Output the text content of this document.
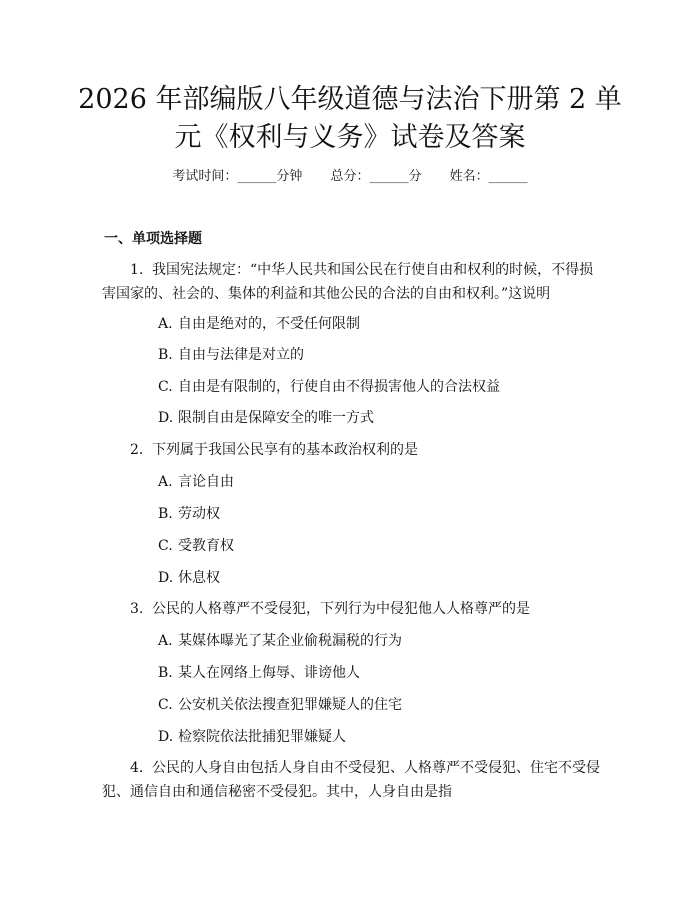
2026 年部编版八年级道德与法治下册第 2 单
元《权利与义务》试卷及答案
考试时间：______分钟 总分：______分 姓名：______
一、单项选择题
1. 我国宪法规定：“中华人民共和国公民在行使自由和权利的时候，不得损
害国家的、社会的、集体的利益和其他公民的合法的自由和权利。”这说明
A. 自由是绝对的，不受任何限制
B. 自由与法律是对立的
C. 自由是有限制的，行使自由不得损害他人的合法权益
D. 限制自由是保障安全的唯一方式
2. 下列属于我国公民享有的基本政治权利的是
A. 言论自由
B. 劳动权
C. 受教育权
D. 休息权
3. 公民的人格尊严不受侵犯，下列行为中侵犯他人人格尊严的是
A. 某媒体曝光了某企业偷税漏税的行为
B. 某人在网络上侮辱、诽谤他人
C. 公安机关依法搜查犯罪嫌疑人的住宅
D. 检察院依法批捕犯罪嫌疑人
4. 公民的人身自由包括人身自由不受侵犯、人格尊严不受侵犯、住宅不受侵
犯、通信自由和通信秘密不受侵犯。其中，人身自由是指
